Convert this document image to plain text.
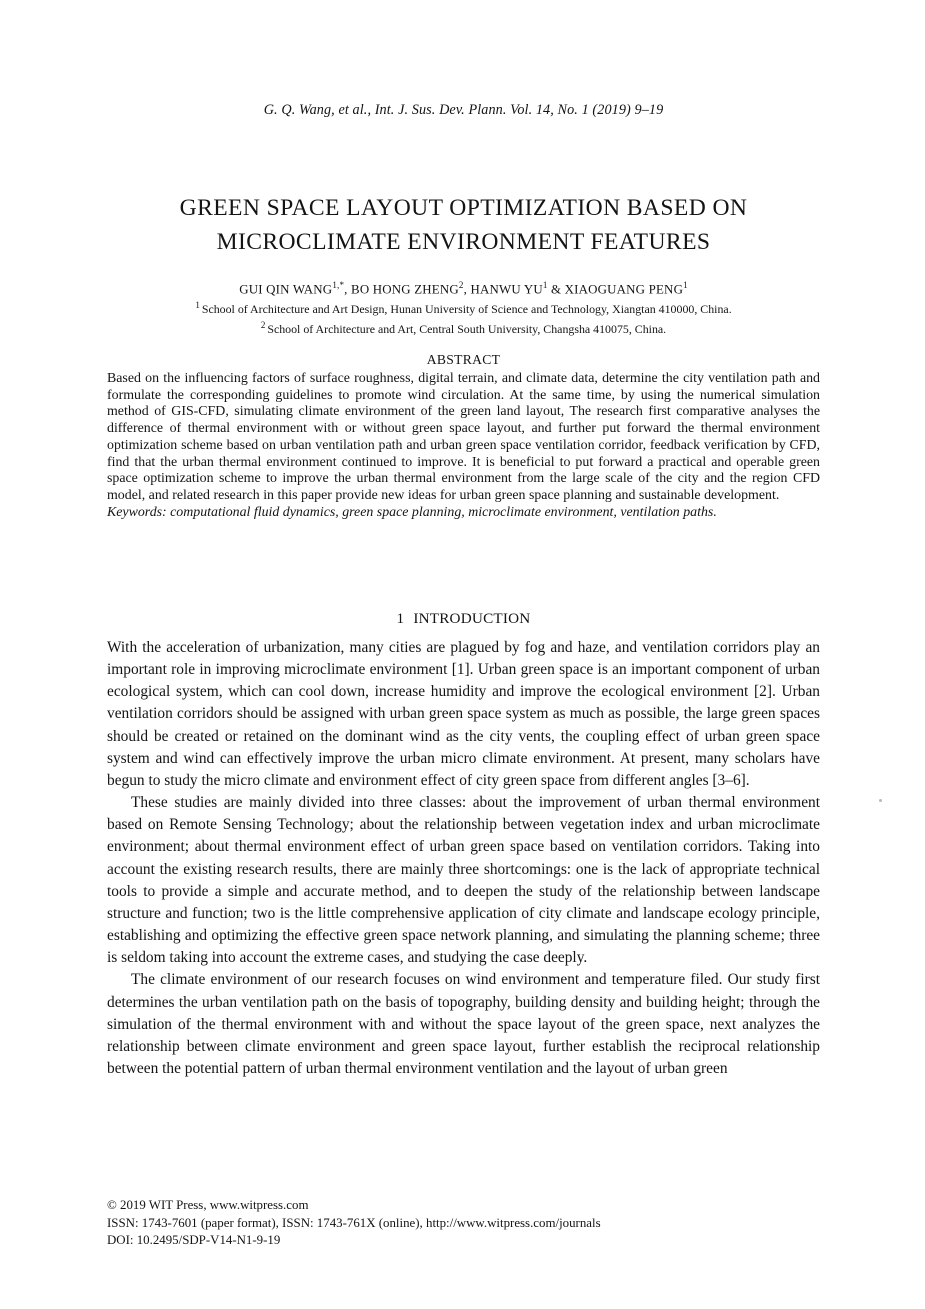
G. Q. Wang, et al., Int. J. Sus. Dev. Plann. Vol. 14, No. 1 (2019) 9–19
GREEN SPACE LAYOUT OPTIMIZATION BASED ON
MICROCLIMATE ENVIRONMENT FEATURES
GUI QIN $WANG^{1,*}$, BO HONG ZHENG$^2$, HANWU $YU^1$ & XIAOGUANG PENG$^1$
$^1$ School of Architecture and Art Design, Hunan University of Science and Technology, Xiangtan 410000, China.
$^2$ School of Architecture and Art, Central South University, Changsha 410075, China.
ABSTRACT
Based on the influencing factors of surface roughness, digital terrain, and climate data, determine the city ventilation path and formulate the corresponding guidelines to promote wind circulation. At the same time, by using the numerical simulation method of GIS-CFD, simulating climate environment of the green land layout, The research first comparative analyses the difference of thermal environment with or without green space layout, and further put forward the thermal environment optimization scheme based on urban ventilation path and urban green space ventilation corridor, feedback verification by CFD, find that the urban thermal environment continued to improve. It is beneficial to put forward a practical and operable green space optimization scheme to improve the urban thermal environment from the large scale of the city and the region CFD model, and related research in this paper provide new ideas for urban green space planning and sustainable development.
Keywords: computational fluid dynamics, green space planning, microclimate environment, ventilation paths.
1 INTRODUCTION

With the acceleration of urbanization, many cities are plagued by fog and haze, and ventilation corridors play an important role in improving microclimate environment [1]. Urban green space is an important component of urban ecological system, which can cool down, increase humidity and improve the ecological environment [2]. Urban ventilation corridors should be assigned with urban green space system as much as possible, the large green spaces should be created or retained on the dominant wind as the city vents, the coupling effect of urban green space system and wind can effectively improve the urban micro climate environment. At present, many scholars have begun to study the micro climate and environment effect of city green space from different angles [3–6].

These studies are mainly divided into three classes: about the improvement of urban thermal environment based on Remote Sensing Technology; about the relationship between vegetation index and urban microclimate environment; about thermal environment effect of urban green space based on ventilation corridors. Taking into account the existing research results, there are mainly three shortcomings: one is the lack of appropriate technical tools to provide a simple and accurate method, and to deepen the study of the relationship between landscape structure and function; two is the little comprehensive application of city climate and landscape ecology principle, establishing and optimizing the effective green space network planning, and simulating the planning scheme; three is seldom taking into account the extreme cases, and studying the case deeply.

The climate environment of our research focuses on wind environment and temperature filed. Our study first determines the urban ventilation path on the basis of topography, building density and building height; through the simulation of the thermal environment with and without the space layout of the green space, next analyzes the relationship between climate environment and green space layout, further establish the reciprocal relationship between the potential pattern of urban thermal environment ventilation and the layout of urban green

© 2019 WIT Press, www.witpress.com
ISSN: 1743-7601 (paper format), ISSN: 1743-761X (online), http://www.witpress.com/journals
DOI: 10.2495/SDP-V14-N1-9-19
